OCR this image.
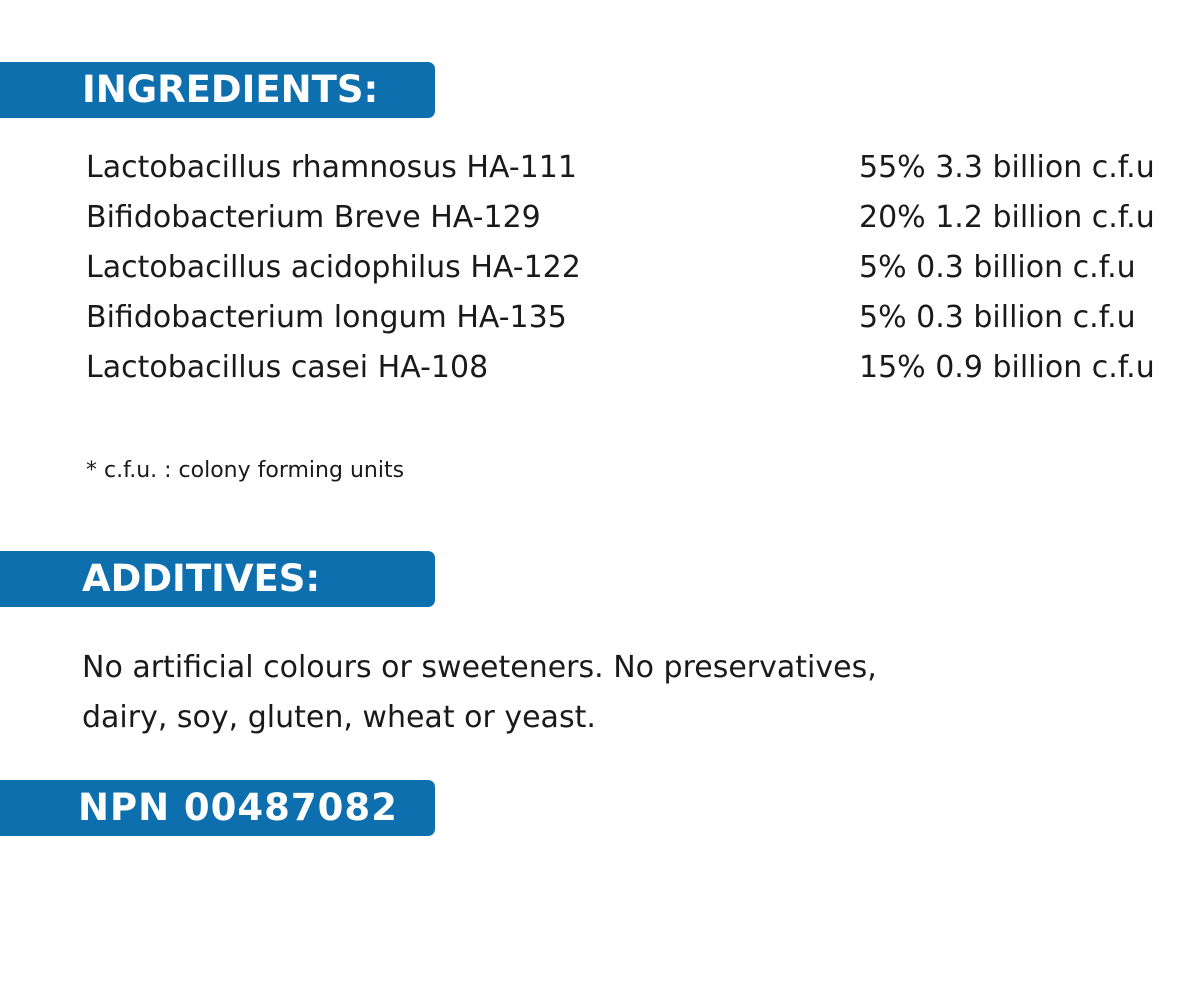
INGREDIENTS:
Lactobacillus rhamnosus HA-111	55% 3.3 billion c.f.u
Bifidobacterium Breve HA-129	20% 1.2 billion c.f.u
Lactobacillus acidophilus HA-122	5% 0.3 billion c.f.u
Bifidobacterium longum HA-135	5% 0.3 billion c.f.u
Lactobacillus casei HA-108	15% 0.9 billion c.f.u
* c.f.u. : colony forming units
ADDITIVES:

No artificial colours or sweeteners. No preservatives,
dairy, soy, gluten, wheat or yeast.

NPN 00487082
